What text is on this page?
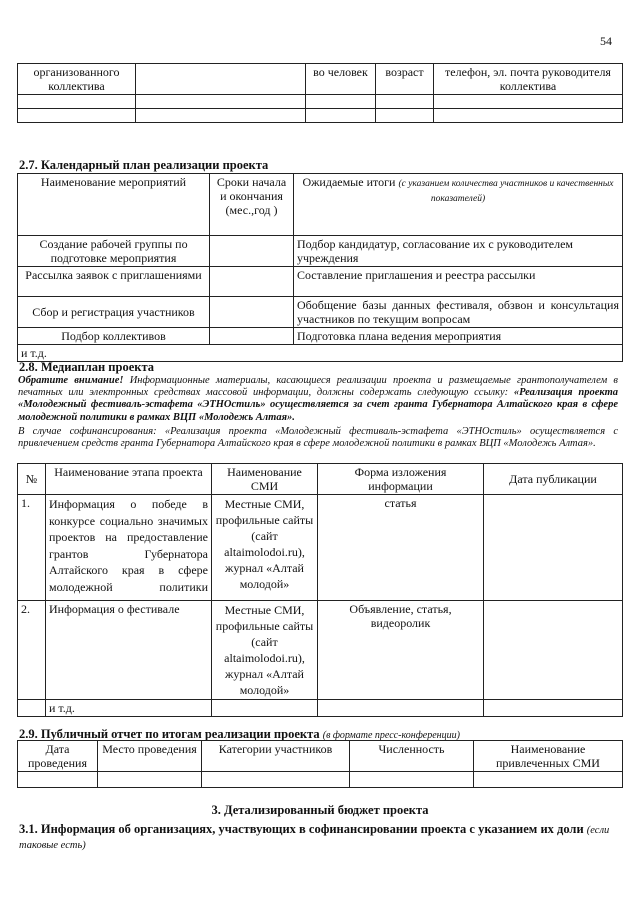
54
организованного коллектива		во человек	возраст	телефон, эл. почта руководителя коллектива

2.7. Календарный план реализации проекта
Наименование мероприятий	Сроки начала и окончания (мес.,год )	Ожидаемые итоги (с указанием количества участников и качественных показателей)
Создание рабочей группы по подготовке мероприятия		Подбор кандидатур, согласование их с руководителем учреждения
Рассылка заявок с приглашениями		Составление приглашения и реестра рассылки
Сбор и регистрация участников		Обобщение базы данных фестиваля, обзвон и консультация участников по текущим вопросам
Подбор коллективов		Подготовка плана ведения мероприятия
и т.д.		
2.8. Медиаплан проекта
Обратите внимание! Информационные материалы, касающиеся реализации проекта и размещаемые грантополучателем в печатных или электронных средствах массовой информации, должны содержать следующую ссылку: «Реализация проекта «Молодежный фестиваль-эстафета «ЭТНОстиль» осуществляется за счет гранта Губернатора Алтайского края в сфере молодежной политики в рамках ВЦП «Молодежь Алтая».
В случае софинансирования: «Реализация проекта «Молодежный фестиваль-эстафета «ЭТНОстиль» осуществляется с привлечением средств гранта Губернатора Алтайского края в сфере молодежной политики в рамках ВЦП «Молодежь Алтая».
№	Наименование этапа проекта	Наименование СМИ	Форма изложения информации	Дата публикации
1.	Информация о победе в конкурсе социально значимых проектов на предоставление грантов Губернатора Алтайского края в сфере молодежной политики	Местные СМИ, профильные сайты (сайт altaimolodoi.ru), журнал «Алтай молодой»	статья	
2.	Информация о фестивале	Местные СМИ, профильные сайты (сайт altaimolodoi.ru), журнал «Алтай молодой»	Объявление, статья, видеоролик	
	и т.д.			
2.9. Публичный отчет по итогам реализации проекта (в формате пресс-конференции)
Дата проведения	Место проведения	Категории участников	Численность	Наименование привлеченных СМИ

3. Детализированный бюджет проекта
3.1. Информация об организациях, участвующих в софинансировании проекта с указанием их доли (если таковые есть)
